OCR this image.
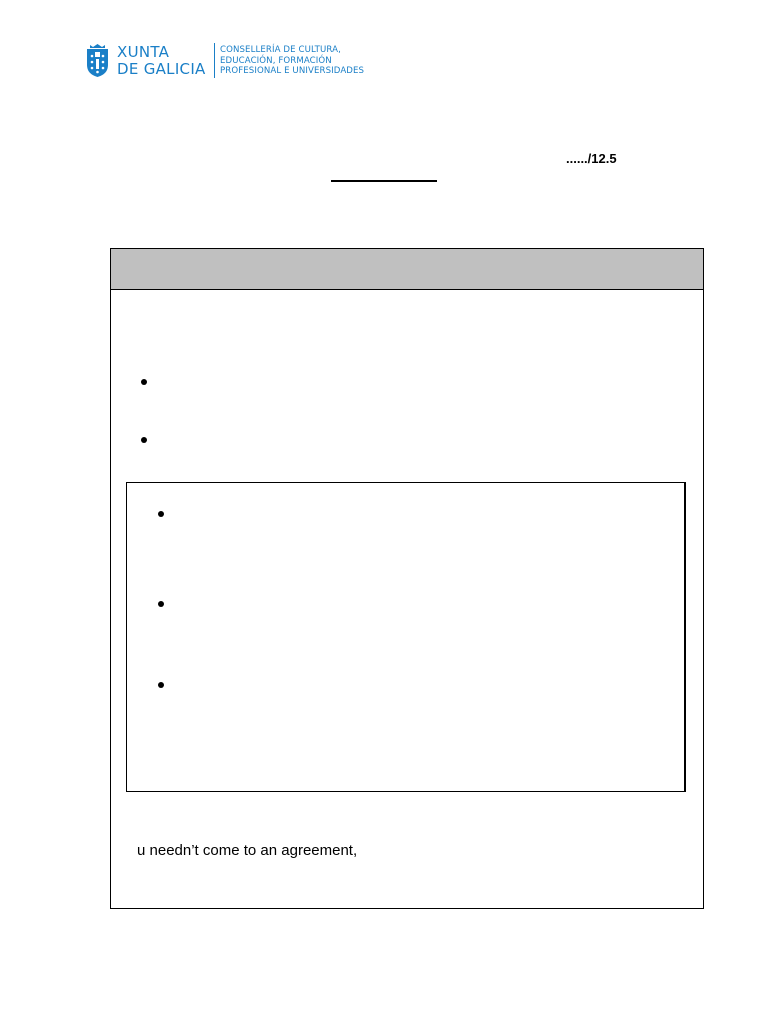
XUNTA
DE GALICIA
CONSELLERÍA DE CULTURA,
EDUCACIÓN, FORMACIÓN
PROFESIONAL E UNIVERSIDADES
....../12.5
u needn’t come to an agreement,
